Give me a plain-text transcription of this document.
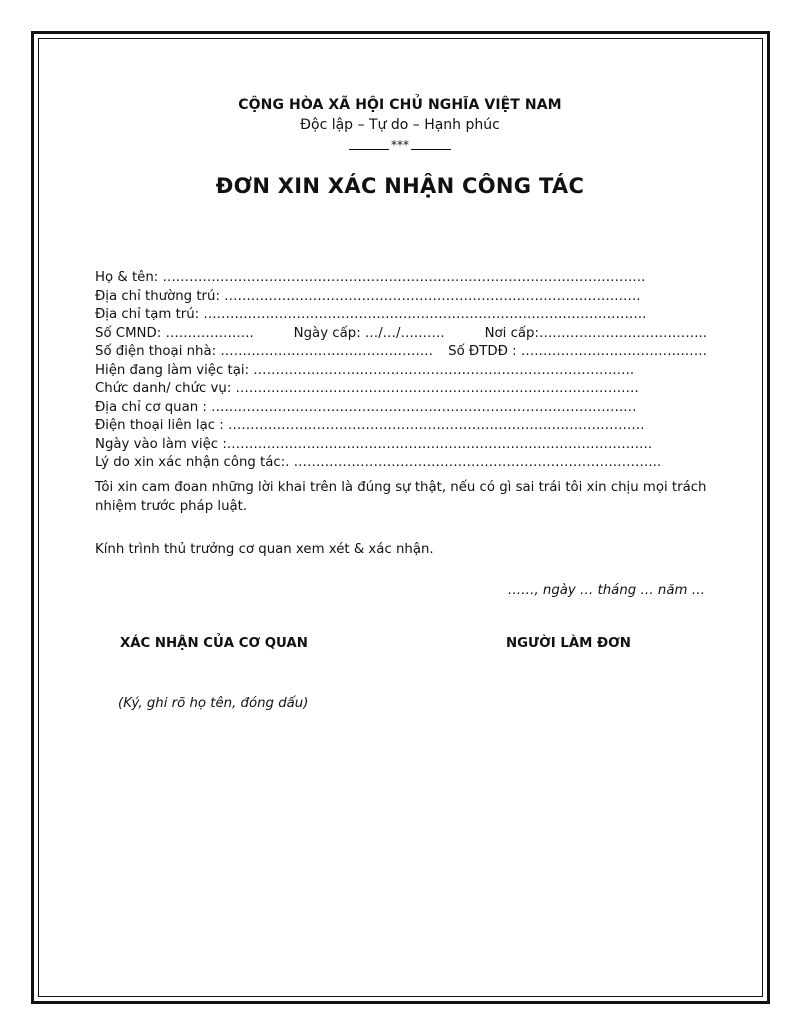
CỘNG HÒA XÃ HỘI CHỦ NGHĨA VIỆT NAM
Độc lập – Tự do – Hạnh phúc
***
ĐƠN XIN XÁC NHẬN CÔNG TÁC
Họ & tên: ……………………………………………………………………………………………….
Địa chỉ thường trú: ………………………………………………………………………………….
Địa chỉ tạm trú: ……………………………………………………………………………………….
Số CMND: ………………..	Ngày cấp: …/…/……….	Nơi cấp:………………………………..
Số điện thoại nhà: ………………………………………… Số ĐTDĐ : ……………………………………
Hiện đang làm việc tại: …………………………………………………………………………..
Chức danh/ chức vụ: ……………………………………………………………………………….
Địa chỉ cơ quan : ……………………………………………………………………………………
Điện thoại liên lạc : ………………………………………………………………………………….
Ngày vào làm việc :……………………………………………………………………………………
Lý do xin xác nhận công tác:. ………………………………………………………………………..
Tôi xin cam đoan những lời khai trên là đúng sự thật, nếu có gì sai trái tôi xin chịu mọi trách nhiệm trước pháp luật.
Kính trình thủ trưởng cơ quan xem xét & xác nhận.
……, ngày … tháng … năm …
XÁC NHẬN CỦA CƠ QUAN	NGƯỜI LÀM ĐƠN
(Ký, ghi rõ họ tên, đóng dấu)
